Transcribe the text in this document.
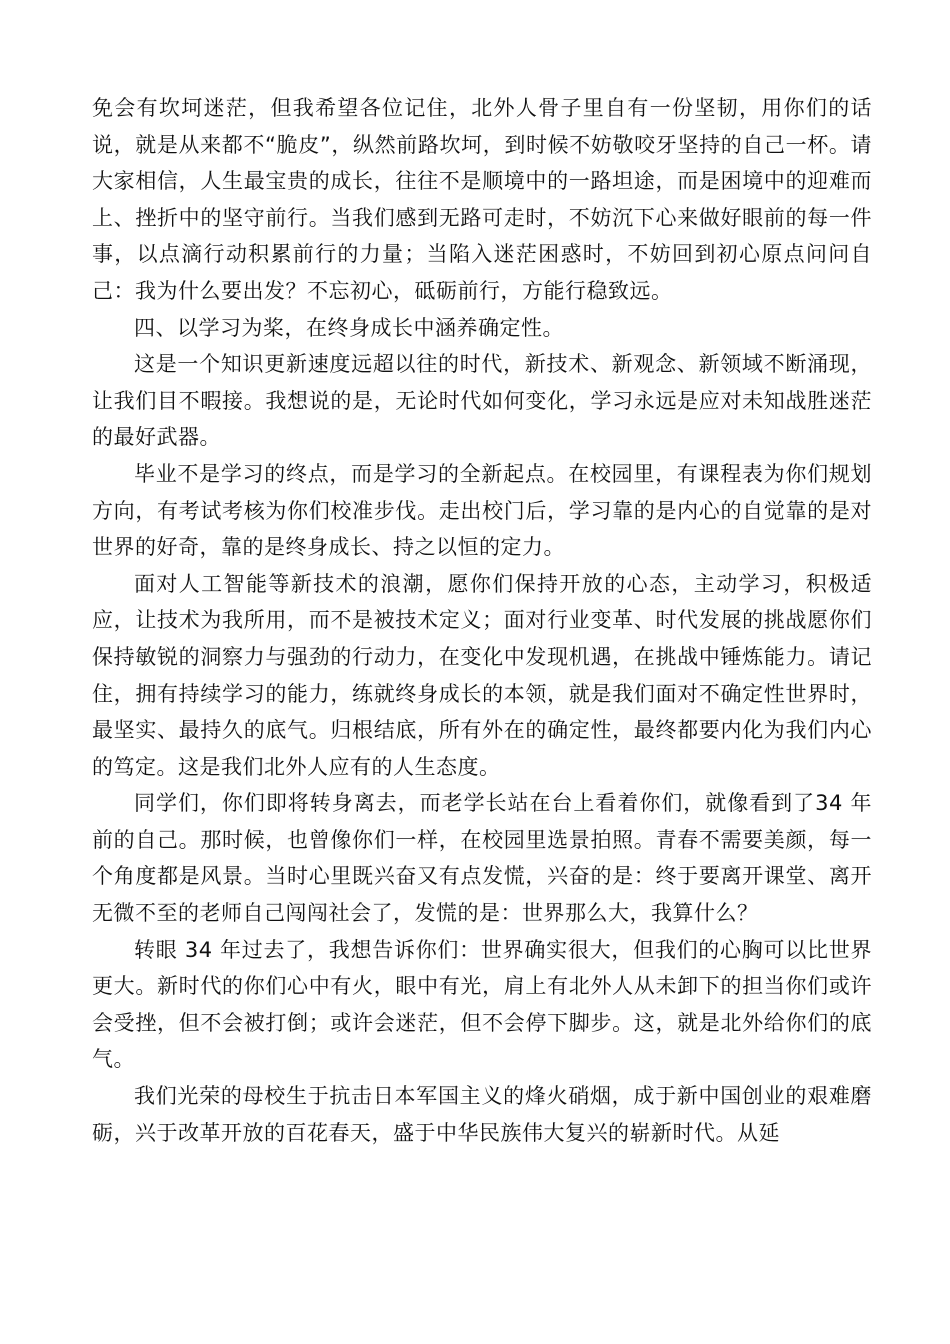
免会有坎坷迷茫，但我希望各位记住，北外人骨子里自有一份坚韧，用你们的话说，就是从来都不“脆皮”，纵然前路坎坷，到时候不妨敬咬牙坚持的自己一杯。请大家相信，人生最宝贵的成长，往往不是顺境中的一路坦途，而是困境中的迎难而上、挫折中的坚守前行。当我们感到无路可走时，不妨沉下心来做好眼前的每一件事，以点滴行动积累前行的力量；当陷入迷茫困惑时，不妨回到初心原点问问自己：我为什么要出发？不忘初心，砥砺前行，方能行稳致远。

四、以学习为桨，在终身成长中涵养确定性。

这是一个知识更新速度远超以往的时代，新技术、新观念、新领域不断涌现，让我们目不暇接。我想说的是，无论时代如何变化，学习永远是应对未知战胜迷茫的最好武器。

毕业不是学习的终点，而是学习的全新起点。在校园里，有课程表为你们规划方向，有考试考核为你们校准步伐。走出校门后，学习靠的是内心的自觉靠的是对世界的好奇，靠的是终身成长、持之以恒的定力。

面对人工智能等新技术的浪潮，愿你们保持开放的心态，主动学习，积极适应，让技术为我所用，而不是被技术定义；面对行业变革、时代发展的挑战愿你们保持敏锐的洞察力与强劲的行动力，在变化中发现机遇，在挑战中锤炼能力。请记住，拥有持续学习的能力，练就终身成长的本领，就是我们面对不确定性世界时，最坚实、最持久的底气。归根结底，所有外在的确定性，最终都要内化为我们内心的笃定。这是我们北外人应有的人生态度。

同学们，你们即将转身离去，而老学长站在台上看着你们，就像看到了34 年前的自己。那时候，也曾像你们一样，在校园里选景拍照。青春不需要美颜，每一个角度都是风景。当时心里既兴奋又有点发慌，兴奋的是：终于要离开课堂、离开无微不至的老师自己闯闯社会了，发慌的是：世界那么大，我算什么？

转眼 34 年过去了，我想告诉你们：世界确实很大，但我们的心胸可以比世界更大。新时代的你们心中有火，眼中有光，肩上有北外人从未卸下的担当你们或许会受挫，但不会被打倒；或许会迷茫，但不会停下脚步。这，就是北外给你们的底气。

我们光荣的母校生于抗击日本军国主义的烽火硝烟，成于新中国创业的艰难磨砺，兴于改革开放的百花春天，盛于中华民族伟大复兴的崭新时代。从延
